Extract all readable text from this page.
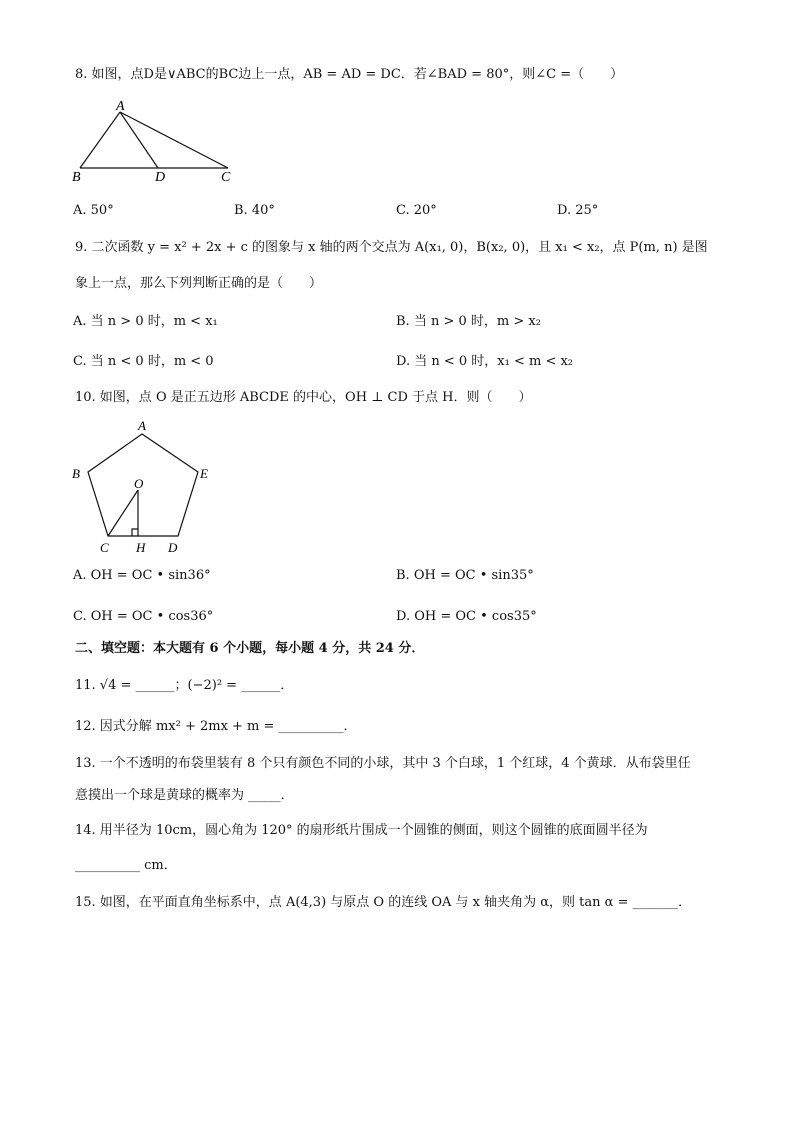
8. 如图，点D是∨ABC的BC边上一点，AB = AD = DC．若∠BAD = 80°，则∠C =（　　）
A
B	D	C
A. 50°	B. 40°	C. 20°	D. 25°
9. 二次函数 y = x² + 2x + c 的图象与 x 轴的两个交点为 A(x₁, 0)，B(x₂, 0)，且 x₁ < x₂，点 P(m, n) 是图
象上一点，那么下列判断正确的是（　　）
A. 当 n > 0 时，m < x₁	B. 当 n > 0 时，m > x₂
C. 当 n < 0 时，m < 0	D. 当 n < 0 时，x₁ < m < x₂
10. 如图，点 O 是正五边形 ABCDE 的中心，OH ⊥ CD 于点 H．则（　　）
A
B	E
O
C H D
A. OH = OC • sin36°	B. OH = OC • sin35°
C. OH = OC • cos36°	D. OH = OC • cos35°
二、填空题：本大题有 6 个小题，每小题 4 分，共 24 分．
11. √4 = ______；(−2)² = ______．
12. 因式分解 mx² + 2mx + m = __________．
13. 一个不透明的布袋里装有 8 个只有颜色不同的小球，其中 3 个白球，1 个红球，4 个黄球．从布袋里任
意摸出一个球是黄球的概率为 _____．
14. 用半径为 10cm，圆心角为 120° 的扇形纸片围成一个圆锥的侧面，则这个圆锥的底面圆半径为
__________ cm．
15. 如图，在平面直角坐标系中，点 A(4,3) 与原点 O 的连线 OA 与 x 轴夹角为 α，则 tan α = _______．
